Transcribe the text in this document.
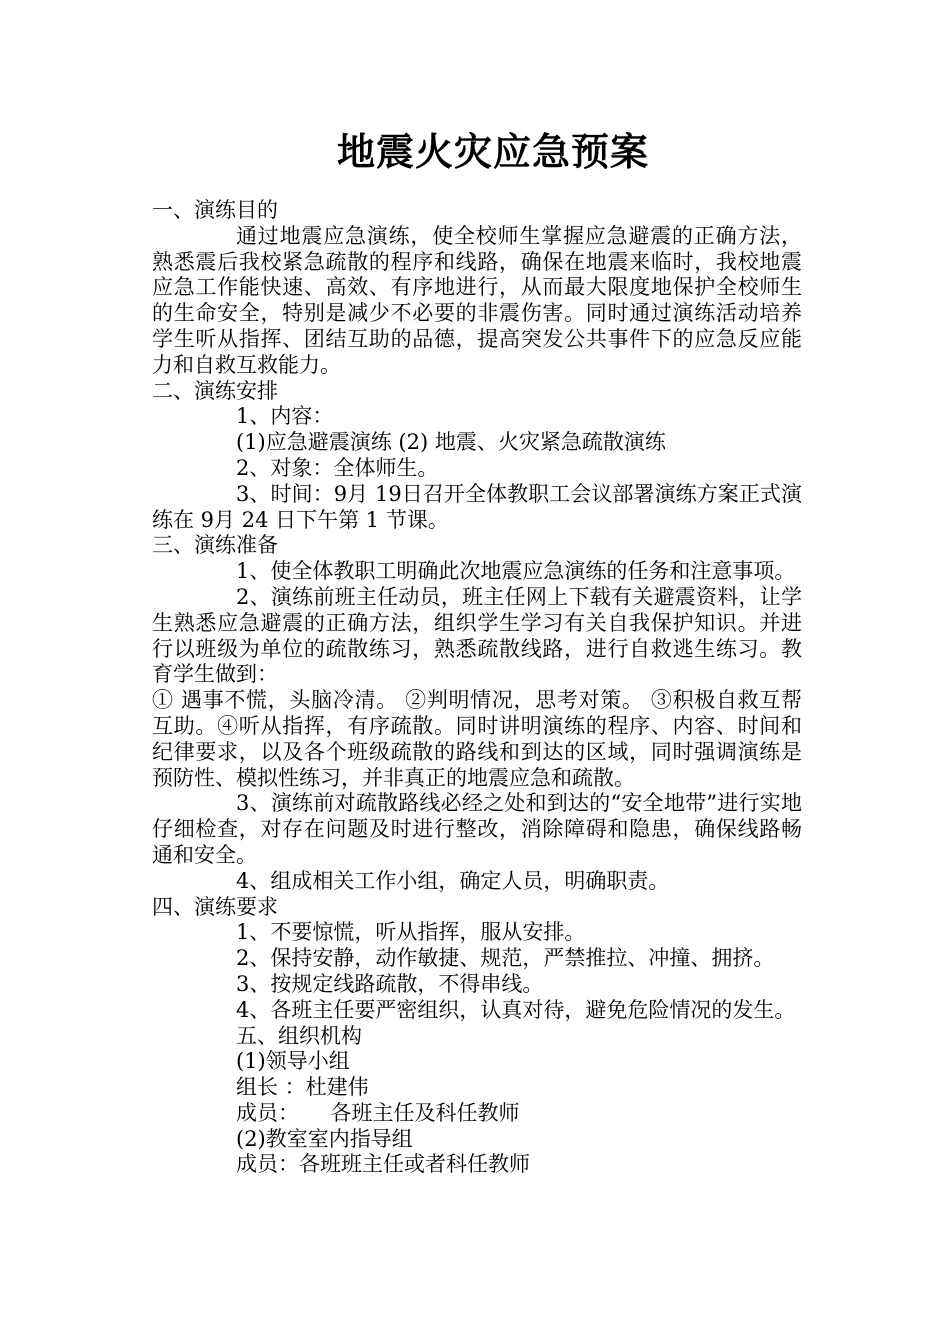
地震火灾应急预案
一、演练目的
通过地震应急演练，使全校师生掌握应急避震的正确方法，熟悉震后我校紧急疏散的程序和线路，确保在地震来临时，我校地震应急工作能快速、高效、有序地进行，从而最大限度地保护全校师生的生命安全，特别是减少不必要的非震伤害。同时通过演练活动培养学生听从指挥、团结互助的品德，提高突发公共事件下的应急反应能力和自救互救能力。
二、演练安排
1、内容：
(1)应急避震演练 (2) 地震、火灾紧急疏散演练
2、对象：全体师生。
3、时间：9月 19日召开全体教职工会议部署演练方案正式演练在 9月 24 日下午第 1 节课。
三、演练准备
1、使全体教职工明确此次地震应急演练的任务和注意事项。
2、演练前班主任动员，班主任网上下载有关避震资料，让学生熟悉应急避震的正确方法，组织学生学习有关自我保护知识。并进行以班级为单位的疏散练习，熟悉疏散线路，进行自救逃生练习。教育学生做到：
① 遇事不慌，头脑冷清。 ②判明情况，思考对策。 ③积极自救互帮互助。④听从指挥，有序疏散。同时讲明演练的程序、内容、时间和纪律要求，以及各个班级疏散的路线和到达的区域，同时强调演练是预防性、模拟性练习，并非真正的地震应急和疏散。
3、演练前对疏散路线必经之处和到达的“安全地带”进行实地仔细检查，对存在问题及时进行整改，消除障碍和隐患，确保线路畅通和安全。
4、组成相关工作小组，确定人员，明确职责。
四、演练要求
1、不要惊慌，听从指挥，服从安排。
2、保持安静，动作敏捷、规范，严禁推拉、冲撞、拥挤。
3、按规定线路疏散，不得串线。
4、各班主任要严密组织，认真对待，避免危险情况的发生。
五、组织机构
(1)领导小组
组长 ：杜建伟
成员：　　各班主任及科任教师
(2)教室室内指导组
成员：各班班主任或者科任教师
